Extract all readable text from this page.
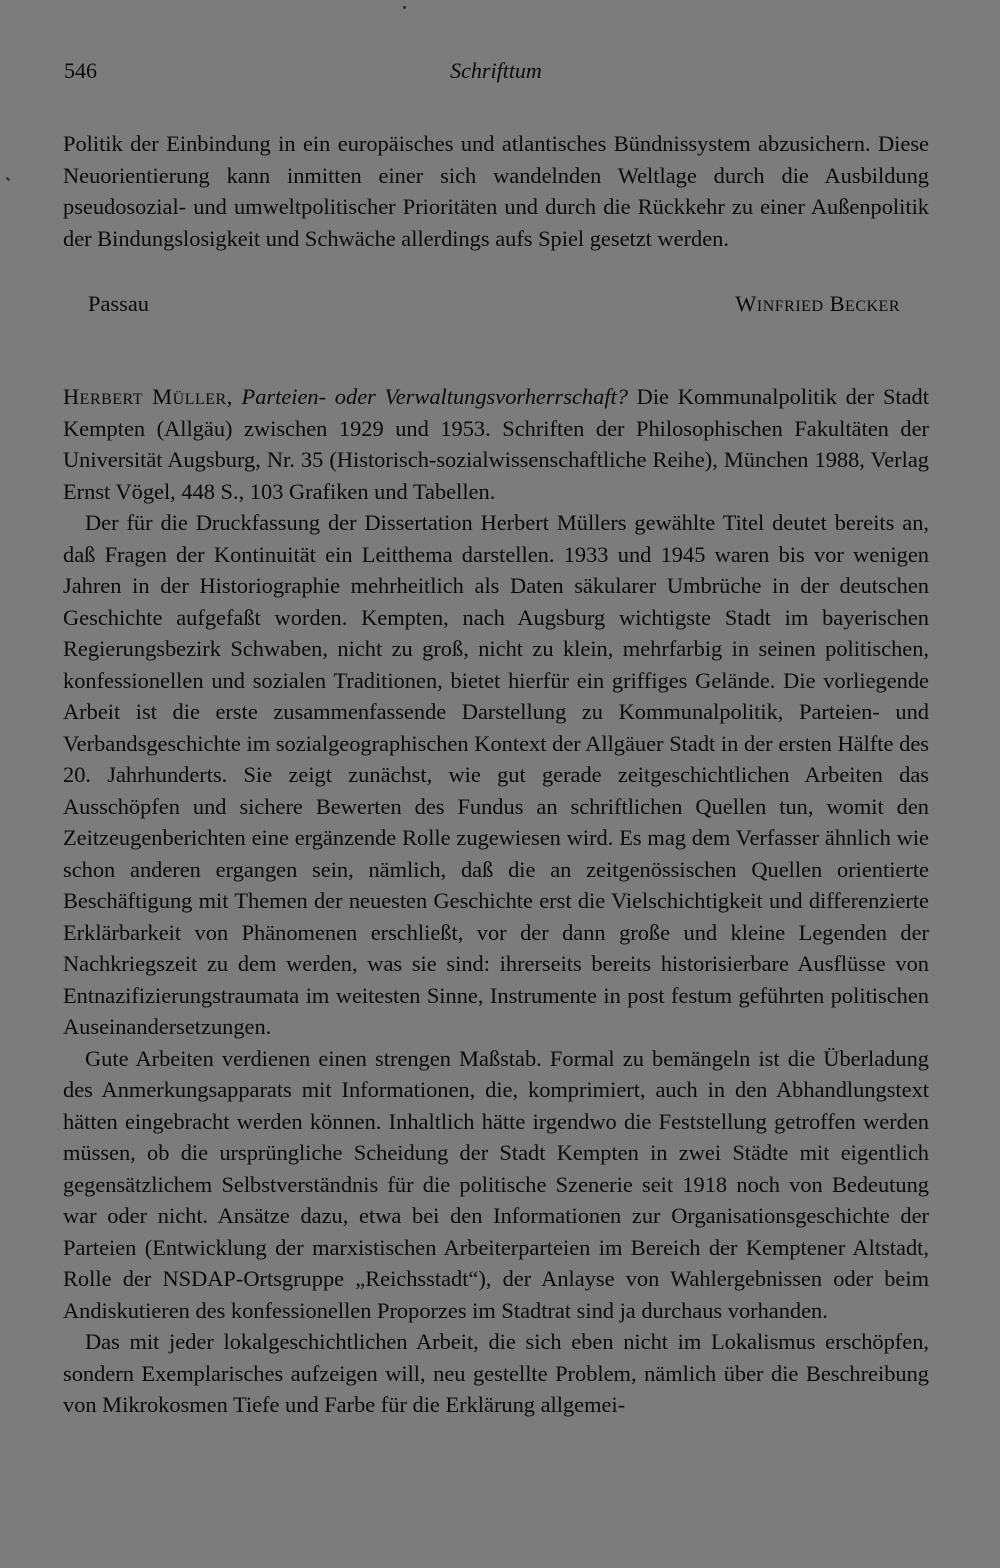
546	Schrifttum

Politik der Einbindung in ein europäisches und atlantisches Bündnissystem abzusichern. Diese Neuorientierung kann inmitten einer sich wandelnden Weltlage durch die Ausbildung pseudosozial- und umweltpolitischer Prioritäten und durch die Rückkehr zu einer Außenpolitik der Bindungslosigkeit und Schwäche allerdings aufs Spiel gesetzt werden.

Passau	Winfried Becker

Herbert Müller, Parteien- oder Verwaltungsvorherrschaft? Die Kommunalpolitik der Stadt Kempten (Allgäu) zwischen 1929 und 1953. Schriften der Philosophischen Fakultäten der Universität Augsburg, Nr. 35 (Historisch-sozialwissenschaftliche Reihe), München 1988, Verlag Ernst Vögel, 448 S., 103 Grafiken und Tabellen.

Der für die Druckfassung der Dissertation Herbert Müllers gewählte Titel deutet bereits an, daß Fragen der Kontinuität ein Leitthema darstellen. 1933 und 1945 waren bis vor wenigen Jahren in der Historiographie mehrheitlich als Daten säkularer Umbrüche in der deutschen Geschichte aufgefaßt worden. Kempten, nach Augsburg wichtigste Stadt im bayerischen Regierungsbezirk Schwaben, nicht zu groß, nicht zu klein, mehrfarbig in seinen politischen, konfessionellen und sozialen Traditionen, bietet hierfür ein griffiges Gelände. Die vorliegende Arbeit ist die erste zusammenfassende Darstellung zu Kommunalpolitik, Parteien- und Verbandsgeschichte im sozialgeographischen Kontext der Allgäuer Stadt in der ersten Hälfte des 20. Jahrhunderts. Sie zeigt zunächst, wie gut gerade zeitgeschichtlichen Arbeiten das Ausschöpfen und sichere Bewerten des Fundus an schriftlichen Quellen tun, womit den Zeitzeugenberichten eine ergänzende Rolle zugewiesen wird. Es mag dem Verfasser ähnlich wie schon anderen ergangen sein, nämlich, daß die an zeitgenössischen Quellen orientierte Beschäftigung mit Themen der neuesten Geschichte erst die Vielschichtigkeit und differenzierte Erklärbarkeit von Phänomenen erschließt, vor der dann große und kleine Legenden der Nachkriegszeit zu dem werden, was sie sind: ihrerseits bereits historisierbare Ausflüsse von Entnazifizierungstraumata im weitesten Sinne, Instrumente in post festum geführten politischen Auseinandersetzungen.

Gute Arbeiten verdienen einen strengen Maßstab. Formal zu bemängeln ist die Überladung des Anmerkungsapparats mit Informationen, die, komprimiert, auch in den Abhandlungstext hätten eingebracht werden können. Inhaltlich hätte irgendwo die Feststellung getroffen werden müssen, ob die ursprüngliche Scheidung der Stadt Kempten in zwei Städte mit eigentlich gegensätzlichem Selbstverständnis für die politische Szenerie seit 1918 noch von Bedeutung war oder nicht. Ansätze dazu, etwa bei den Informationen zur Organisationsgeschichte der Parteien (Entwicklung der marxistischen Arbeiterparteien im Bereich der Kemptener Altstadt, Rolle der NSDAP-Ortsgruppe „Reichsstadt“), der Anlayse von Wahlergebnissen oder beim Andiskutieren des konfessionellen Proporzes im Stadtrat sind ja durchaus vorhanden.

Das mit jeder lokalgeschichtlichen Arbeit, die sich eben nicht im Lokalismus erschöpfen, sondern Exemplarisches aufzeigen will, neu gestellte Problem, nämlich über die Beschreibung von Mikrokosmen Tiefe und Farbe für die Erklärung allgemei-
